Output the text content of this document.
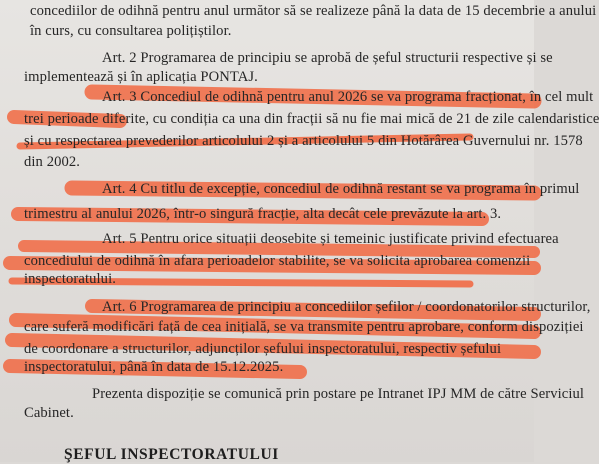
concediilor de odihnă pentru anul următor să se realizeze până la data de 15 decembrie a anului
în curs, cu consultarea polițiștilor.
Art. 2 Programarea de principiu se aprobă de șeful structurii respective și se
implementează și în aplicația PONTAJ.
Art. 3 Concediul de odihnă pentru anul 2026 se va programa fracționat, în cel mult
trei perioade diferite, cu condiția ca una din fracții să nu fie mai mică de 21 de zile calendaristice
și cu respectarea prevederilor articolului 2 și a articolului 5 din Hotărârea Guvernului nr. 1578
din 2002.
Art. 4 Cu titlu de excepție, concediul de odihnă restant se va programa în primul
trimestru al anului 2026, într-o singură fracție, alta decât cele prevăzute la art. 3.
Art. 5 Pentru orice situații deosebite și temeinic justificate privind efectuarea
concediului de odihnă în afara perioadelor stabilite, se va solicita aprobarea comenzii
inspectoratului.
Art. 6 Programarea de principiu a concediilor șefilor / coordonatorilor structurilor,
care suferă modificări față de cea inițială, se va transmite pentru aprobare, conform dispoziției
de coordonare a structurilor, adjuncților șefului inspectoratului, respectiv șefului
inspectoratului, până în data de 15.12.2025.
Prezenta dispoziție se comunică prin postare pe Intranet IPJ MM de către Serviciul
Cabinet.
ŞEFUL INSPECTORATULUI
